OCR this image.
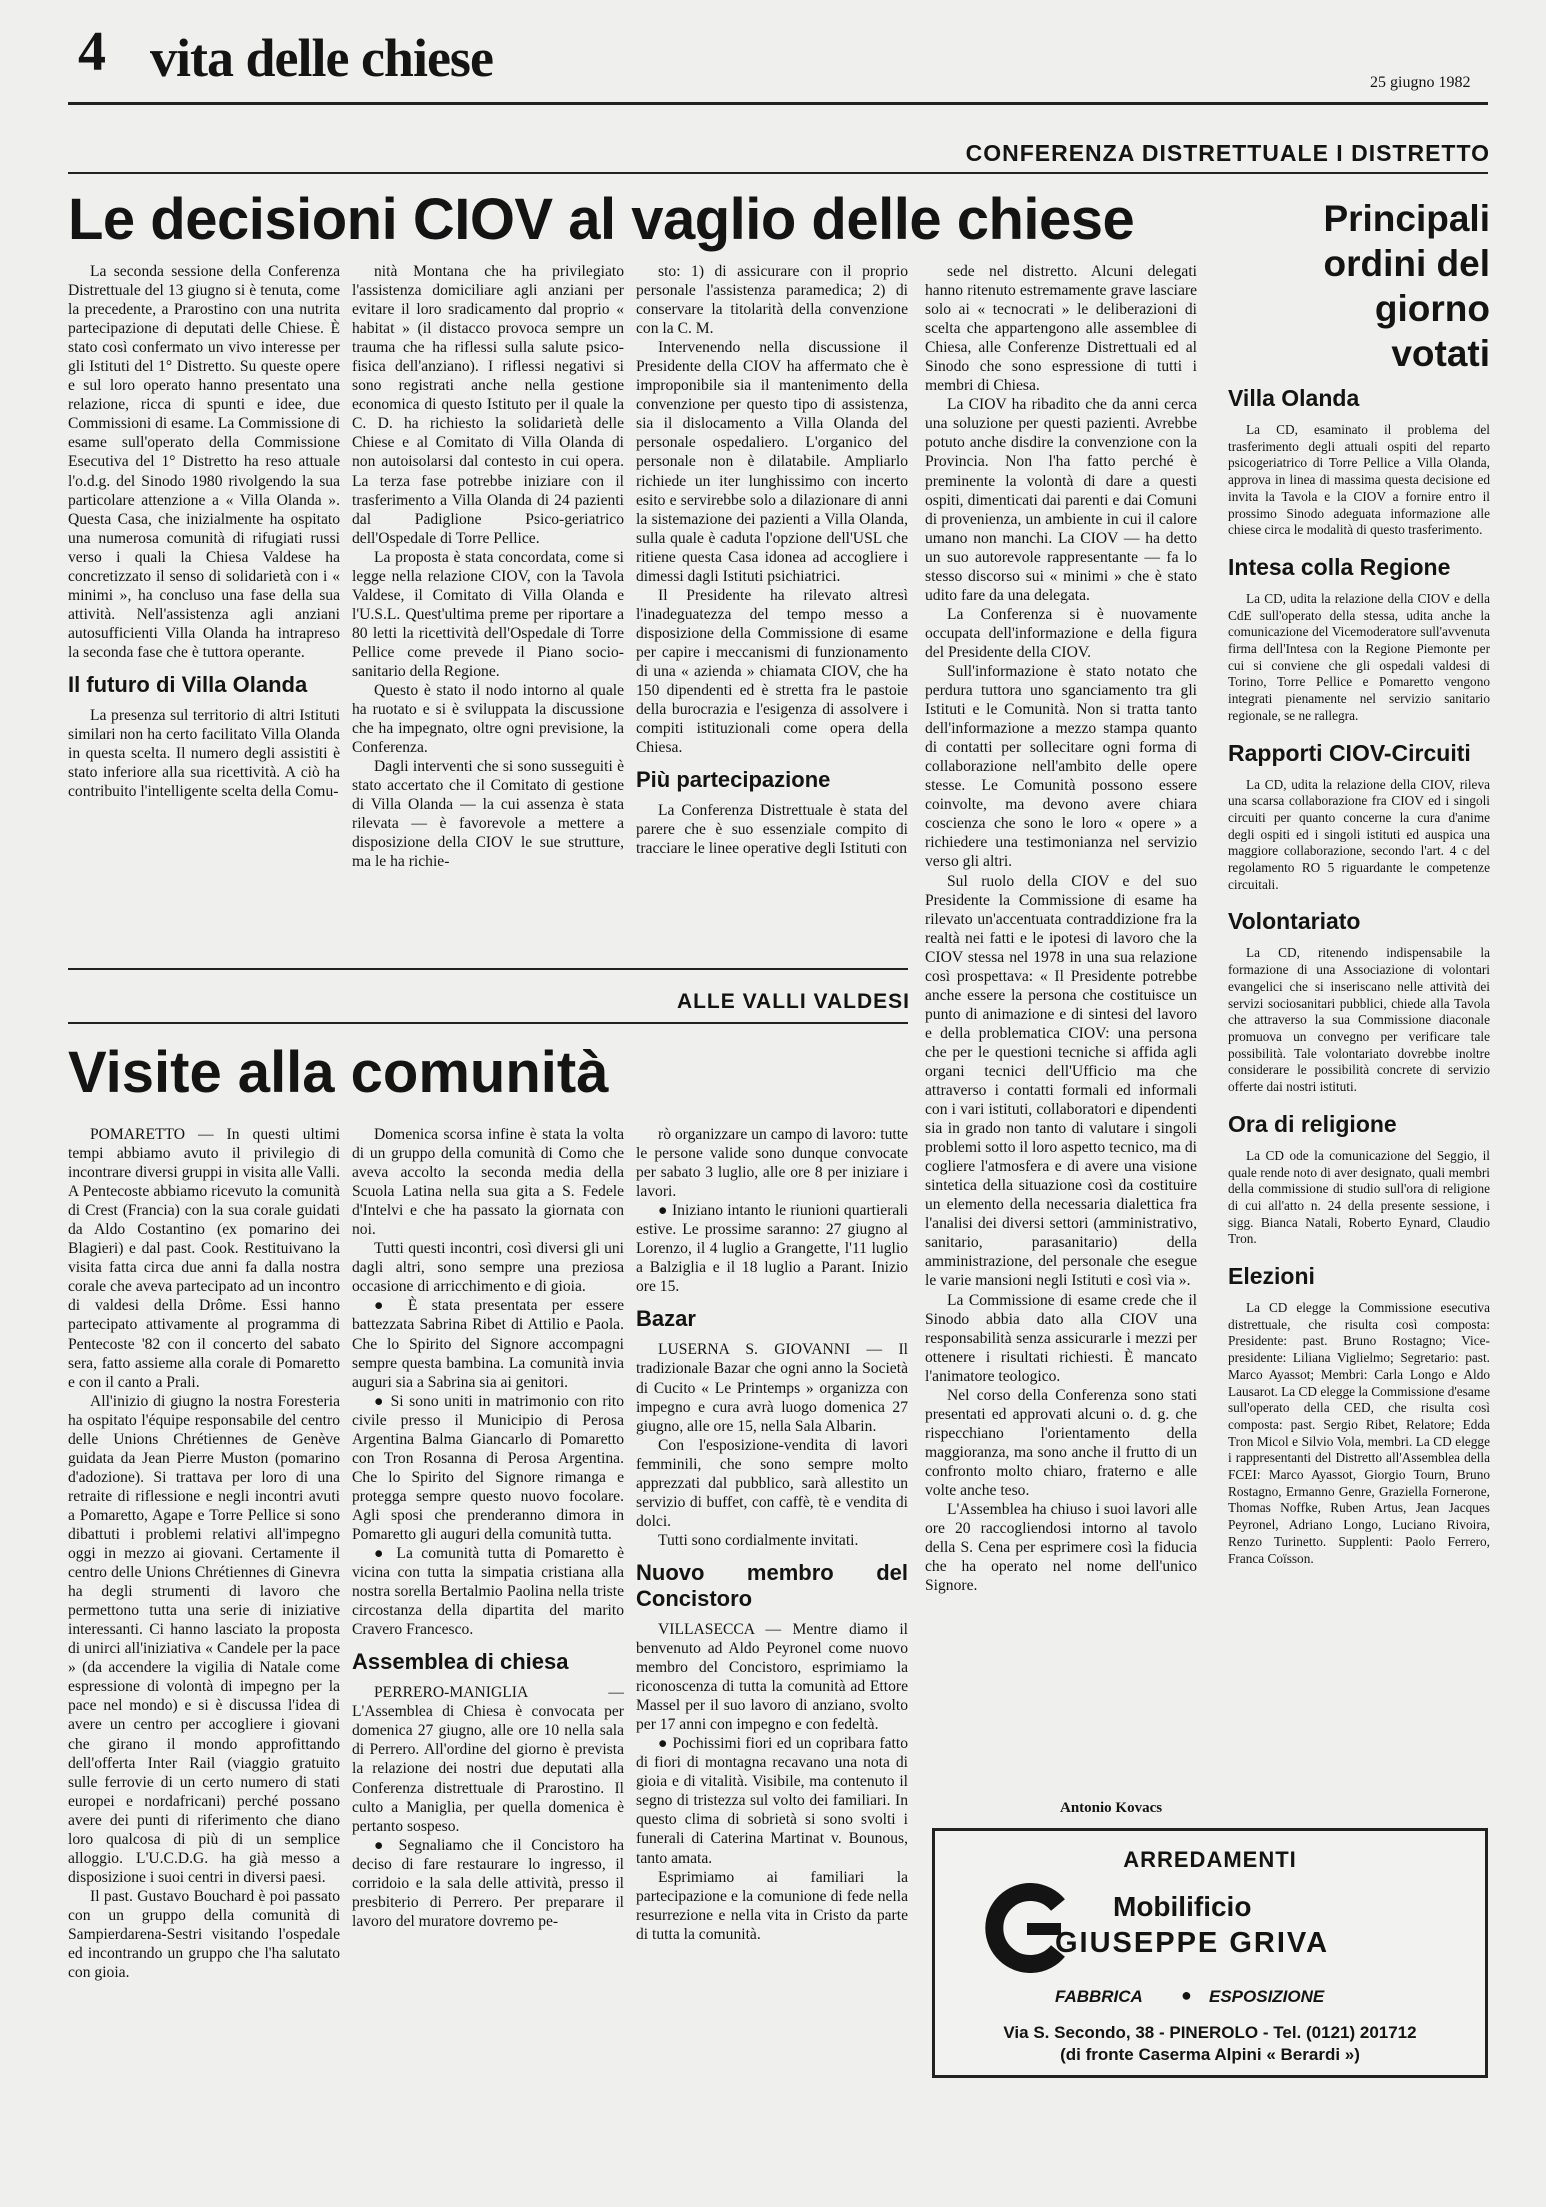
4 vita delle chiese	25 giugno 1982
CONFERENZA DISTRETTUALE I DISTRETTO
Le decisioni CIOV al vaglio delle chiese

La seconda sessione della Conferenza Distrettuale del 13 giugno si è tenuta, come la precedente, a Prarostino con una nutrita partecipazione di deputati delle Chiese. È stato così confermato un vivo interesse per gli Istituti del 1° Distretto. Su queste opere e sul loro operato hanno presentato una relazione, ricca di spunti e idee, due Commissioni di esame. La Commissione di esame sull'operato della Commissione Esecutiva del 1° Distretto ha reso attuale l'o.d.g. del Sinodo 1980 rivolgendo la sua particolare attenzione a « Villa Olanda ». Questa Casa, che inizialmente ha ospitato una numerosa comunità di rifugiati russi verso i quali la Chiesa Valdese ha concretizzato il senso di solidarietà con i « minimi », ha concluso una fase della sua attività. Nell'assistenza agli anziani autosufficienti Villa Olanda ha intrapreso la seconda fase che è tuttora operante.

Il futuro di Villa Olanda

La presenza sul territorio di altri Istituti similari non ha certo facilitato Villa Olanda in questa scelta. Il numero degli assistiti è stato inferiore alla sua ricettività. A ciò ha contribuito l'intelligente scelta della Comu-

nità Montana che ha privilegiato l'assistenza domiciliare agli anziani per evitare il loro sradicamento dal proprio « habitat » (il distacco provoca sempre un trauma che ha riflessi sulla salute psico-fisica dell'anziano). I riflessi negativi si sono registrati anche nella gestione economica di questo Istituto per il quale la C. D. ha richiesto la solidarietà delle Chiese e al Comitato di Villa Olanda di non autoisolarsi dal contesto in cui opera. La terza fase potrebbe iniziare con il trasferimento a Villa Olanda di 24 pazienti dal Padiglione Psico-geriatrico dell'Ospedale di Torre Pellice.

La proposta è stata concordata, come si legge nella relazione CIOV, con la Tavola Valdese, il Comitato di Villa Olanda e l'U.S.L. Quest'ultima preme per riportare a 80 letti la ricettività dell'Ospedale di Torre Pellice come prevede il Piano socio-sanitario della Regione.

Questo è stato il nodo intorno al quale ha ruotato e si è sviluppata la discussione che ha impegnato, oltre ogni previsione, la Conferenza.

Dagli interventi che si sono susseguiti è stato accertato che il Comitato di gestione di Villa Olanda — la cui assenza è stata rilevata — è favorevole a mettere a disposizione della CIOV le sue strutture, ma le ha richie-

sto: 1) di assicurare con il proprio personale l'assistenza paramedica; 2) di conservare la titolarità della convenzione con la C. M.

Intervenendo nella discussione il Presidente della CIOV ha affermato che è improponibile sia il mantenimento della convenzione per questo tipo di assistenza, sia il dislocamento a Villa Olanda del personale ospedaliero. L'organico del personale non è dilatabile. Ampliarlo richiede un iter lunghissimo con incerto esito e servirebbe solo a dilazionare di anni la sistemazione dei pazienti a Villa Olanda, sulla quale è caduta l'opzione dell'USL che ritiene questa Casa idonea ad accogliere i dimessi dagli Istituti psichiatrici.

Il Presidente ha rilevato altresì l'inadeguatezza del tempo messo a disposizione della Commissione di esame per capire i meccanismi di funzionamento di una « azienda » chiamata CIOV, che ha 150 dipendenti ed è stretta fra le pastoie della burocrazia e l'esigenza di assolvere i compiti istituzionali come opera della Chiesa.

Più partecipazione

La Conferenza Distrettuale è stata del parere che è suo essenziale compito di tracciare le linee operative degli Istituti con

sede nel distretto. Alcuni delegati hanno ritenuto estremamente grave lasciare solo ai « tecnocrati » le deliberazioni di scelta che appartengono alle assemblee di Chiesa, alle Conferenze Distrettuali ed al Sinodo che sono espressione di tutti i membri di Chiesa.

La CIOV ha ribadito che da anni cerca una soluzione per questi pazienti. Avrebbe potuto anche disdire la convenzione con la Provincia. Non l'ha fatto perché è preminente la volontà di dare a questi ospiti, dimenticati dai parenti e dai Comuni di provenienza, un ambiente in cui il calore umano non manchi. La CIOV — ha detto un suo autorevole rappresentante — fa lo stesso discorso sui « minimi » che è stato udito fare da una delegata.

La Conferenza si è nuovamente occupata dell'informazione e della figura del Presidente della CIOV.

Sull'informazione è stato notato che perdura tuttora uno sganciamento tra gli Istituti e le Comunità. Non si tratta tanto dell'informazione a mezzo stampa quanto di contatti per sollecitare ogni forma di collaborazione nell'ambito delle opere stesse. Le Comunità possono essere coinvolte, ma devono avere chiara coscienza che sono le loro « opere » a richiedere una testimonianza nel servizio verso gli altri.

Sul ruolo della CIOV e del suo Presidente la Commissione di esame ha rilevato un'accentuata contraddizione fra la realtà nei fatti e le ipotesi di lavoro che la CIOV stessa nel 1978 in una sua relazione così prospettava: « Il Presidente potrebbe anche essere la persona che costituisce un punto di animazione e di sintesi del lavoro e della problematica CIOV: una persona che per le questioni tecniche si affida agli organi tecnici dell'Ufficio ma che attraverso i contatti formali ed informali con i vari istituti, collaboratori e dipendenti sia in grado non tanto di valutare i singoli problemi sotto il loro aspetto tecnico, ma di cogliere l'atmosfera e di avere una visione sintetica della situazione così da costituire un elemento della necessaria dialettica fra l'analisi dei diversi settori (amministrativo, sanitario, parasanitario) della amministrazione, del personale che esegue le varie mansioni negli Istituti e così via ».

La Commissione di esame crede che il Sinodo abbia dato alla CIOV una responsabilità senza assicurarle i mezzi per ottenere i risultati richiesti. È mancato l'animatore teologico.

Nel corso della Conferenza sono stati presentati ed approvati alcuni o. d. g. che rispecchiano l'orientamento della maggioranza, ma sono anche il frutto di un confronto molto chiaro, fraterno e alle volte anche teso.

L'Assemblea ha chiuso i suoi lavori alle ore 20 raccogliendosi intorno al tavolo della S. Cena per esprimere così la fiducia che ha operato nel nome dell'unico Signore.

Antonio Kovacs
Principali ordini del giorno votati
Villa Olanda

La CD, esaminato il problema del trasferimento degli attuali ospiti del reparto psicogeriatrico di Torre Pellice a Villa Olanda, approva in linea di massima questa decisione ed invita la Tavola e la CIOV a fornire entro il prossimo Sinodo adeguata informazione alle chiese circa le modalità di questo trasferimento.

Intesa colla Regione

La CD, udita la relazione della CIOV e della CdE sull'operato della stessa, udita anche la comunicazione del Vicemoderatore sull'avvenuta firma dell'Intesa con la Regione Piemonte per cui si conviene che gli ospedali valdesi di Torino, Torre Pellice e Pomaretto vengono integrati pienamente nel servizio sanitario regionale, se ne rallegra.

Rapporti CIOV-Circuiti

La CD, udita la relazione della CIOV, rileva una scarsa collaborazione fra CIOV ed i singoli circuiti per quanto concerne la cura d'anime degli ospiti ed i singoli istituti ed auspica una maggiore collaborazione, secondo l'art. 4 c del regolamento RO 5 riguardante le competenze circuitali.

Volontariato

La CD, ritenendo indispensabile la formazione di una Associazione di volontari evangelici che si inseriscano nelle attività dei servizi sociosanitari pubblici, chiede alla Tavola che attraverso la sua Commissione diaconale promuova un convegno per verificare tale possibilità. Tale volontariato dovrebbe inoltre considerare le possibilità concrete di servizio offerte dai nostri istituti.

Ora di religione

La CD ode la comunicazione del Seggio, il quale rende noto di aver designato, quali membri della commissione di studio sull'ora di religione di cui all'atto n. 24 della presente sessione, i sigg. Bianca Natali, Roberto Eynard, Claudio Tron.

Elezioni

La CD elegge la Commissione esecutiva distrettuale, che risulta così composta: Presidente: past. Bruno Rostagno; Vice-presidente: Liliana Viglielmo; Segretario: past. Marco Ayassot; Membri: Carla Longo e Aldo Lausarot. La CD elegge la Commissione d'esame sull'operato della CED, che risulta così composta: past. Sergio Ribet, Relatore; Edda Tron Micol e Silvio Vola, membri. La CD elegge i rappresentanti del Distretto all'Assemblea della FCEI: Marco Ayassot, Giorgio Tourn, Bruno Rostagno, Ermanno Genre, Graziella Fornerone, Thomas Noffke, Ruben Artus, Jean Jacques Peyronel, Adriano Longo, Luciano Rivoira, Renzo Turinetto. Supplenti: Paolo Ferrero, Franca Coïsson.

ALLE VALLI VALDESI
Visite alla comunità

POMARETTO — In questi ultimi tempi abbiamo avuto il privilegio di incontrare diversi gruppi in visita alle Valli. A Pentecoste abbiamo ricevuto la comunità di Crest (Francia) con la sua corale guidati da Aldo Costantino (ex pomarino dei Blagieri) e dal past. Cook. Restituivano la visita fatta circa due anni fa dalla nostra corale che aveva partecipato ad un incontro di valdesi della Drôme. Essi hanno partecipato attivamente al programma di Pentecoste '82 con il concerto del sabato sera, fatto assieme alla corale di Pomaretto e con il canto a Prali.

All'inizio di giugno la nostra Foresteria ha ospitato l'équipe responsabile del centro delle Unions Chrétiennes de Genève guidata da Jean Pierre Muston (pomarino d'adozione). Si trattava per loro di una retraite di riflessione e negli incontri avuti a Pomaretto, Agape e Torre Pellice si sono dibattuti i problemi relativi all'impegno oggi in mezzo ai giovani. Certamente il centro delle Unions Chrétiennes di Ginevra ha degli strumenti di lavoro che permettono tutta una serie di iniziative interessanti. Ci hanno lasciato la proposta di unirci all'iniziativa « Candele per la pace » (da accendere la vigilia di Natale come espressione di volontà di impegno per la pace nel mondo) e si è discussa l'idea di avere un centro per accogliere i giovani che girano il mondo approfittando dell'offerta Inter Rail (viaggio gratuito sulle ferrovie di un certo numero di stati europei e nordafricani) perché possano avere dei punti di riferimento che diano loro qualcosa di più di un semplice alloggio. L'U.C.D.G. ha già messo a disposizione i suoi centri in diversi paesi.

Il past. Gustavo Bouchard è poi passato con un gruppo della comunità di Sampierdarena-Sestri visitando l'ospedale ed incontrando un gruppo che l'ha salutato con gioia.

Domenica scorsa infine è stata la volta di un gruppo della comunità di Como che aveva accolto la seconda media della Scuola Latina nella sua gita a S. Fedele d'Intelvi e che ha passato la giornata con noi.

Tutti questi incontri, così diversi gli uni dagli altri, sono sempre una preziosa occasione di arricchimento e di gioia.

● È stata presentata per essere battezzata Sabrina Ribet di Attilio e Paola. Che lo Spirito del Signore accompagni sempre questa bambina. La comunità invia auguri sia a Sabrina sia ai genitori.

● Si sono uniti in matrimonio con rito civile presso il Municipio di Perosa Argentina Balma Giancarlo di Pomaretto con Tron Rosanna di Perosa Argentina. Che lo Spirito del Signore rimanga e protegga sempre questo nuovo focolare. Agli sposi che prenderanno dimora in Pomaretto gli auguri della comunità tutta.

● La comunità tutta di Pomaretto è vicina con tutta la simpatia cristiana alla nostra sorella Bertalmio Paolina nella triste circostanza della dipartita del marito Cravero Francesco.

Assemblea di chiesa

PERRERO-MANIGLIA — L'Assemblea di Chiesa è convocata per domenica 27 giugno, alle ore 10 nella sala di Perrero. All'ordine del giorno è prevista la relazione dei nostri due deputati alla Conferenza distrettuale di Prarostino. Il culto a Maniglia, per quella domenica è pertanto sospeso.

● Segnaliamo che il Concistoro ha deciso di fare restaurare lo ingresso, il corridoio e la sala delle attività, presso il presbiterio di Perrero. Per preparare il lavoro del muratore dovremo pe-

rò organizzare un campo di lavoro: tutte le persone valide sono dunque convocate per sabato 3 luglio, alle ore 8 per iniziare i lavori.

● Iniziano intanto le riunioni quartierali estive. Le prossime saranno: 27 giugno al Lorenzo, il 4 luglio a Grangette, l'11 luglio a Balziglia e il 18 luglio a Parant. Inizio ore 15.

Bazar

LUSERNA S. GIOVANNI — Il tradizionale Bazar che ogni anno la Società di Cucito « Le Printemps » organizza con impegno e cura avrà luogo domenica 27 giugno, alle ore 15, nella Sala Albarin.

Con l'esposizione-vendita di lavori femminili, che sono sempre molto apprezzati dal pubblico, sarà allestito un servizio di buffet, con caffè, tè e vendita di dolci.

Tutti sono cordialmente invitati.

Nuovo membro del Concistoro

VILLASECCA — Mentre diamo il benvenuto ad Aldo Peyronel come nuovo membro del Concistoro, esprimiamo la riconoscenza di tutta la comunità ad Ettore Massel per il suo lavoro di anziano, svolto per 17 anni con impegno e con fedeltà.

● Pochissimi fiori ed un copribara fatto di fiori di montagna recavano una nota di gioia e di vitalità. Visibile, ma contenuto il segno di tristezza sul volto dei familiari. In questo clima di sobrietà si sono svolti i funerali di Caterina Martinat v. Bounous, tanto amata.

Esprimiamo ai familiari la partecipazione e la comunione di fede nella resurrezione e nella vita in Cristo da parte di tutta la comunità.

ARREDAMENTI
Mobilificio
GIUSEPPE GRIVA
FABBRICA ● ESPOSIZIONE
Via S. Secondo, 38 - PINEROLO - Tel. (0121) 201712
(di fronte Caserma Alpini « Berardi »)
